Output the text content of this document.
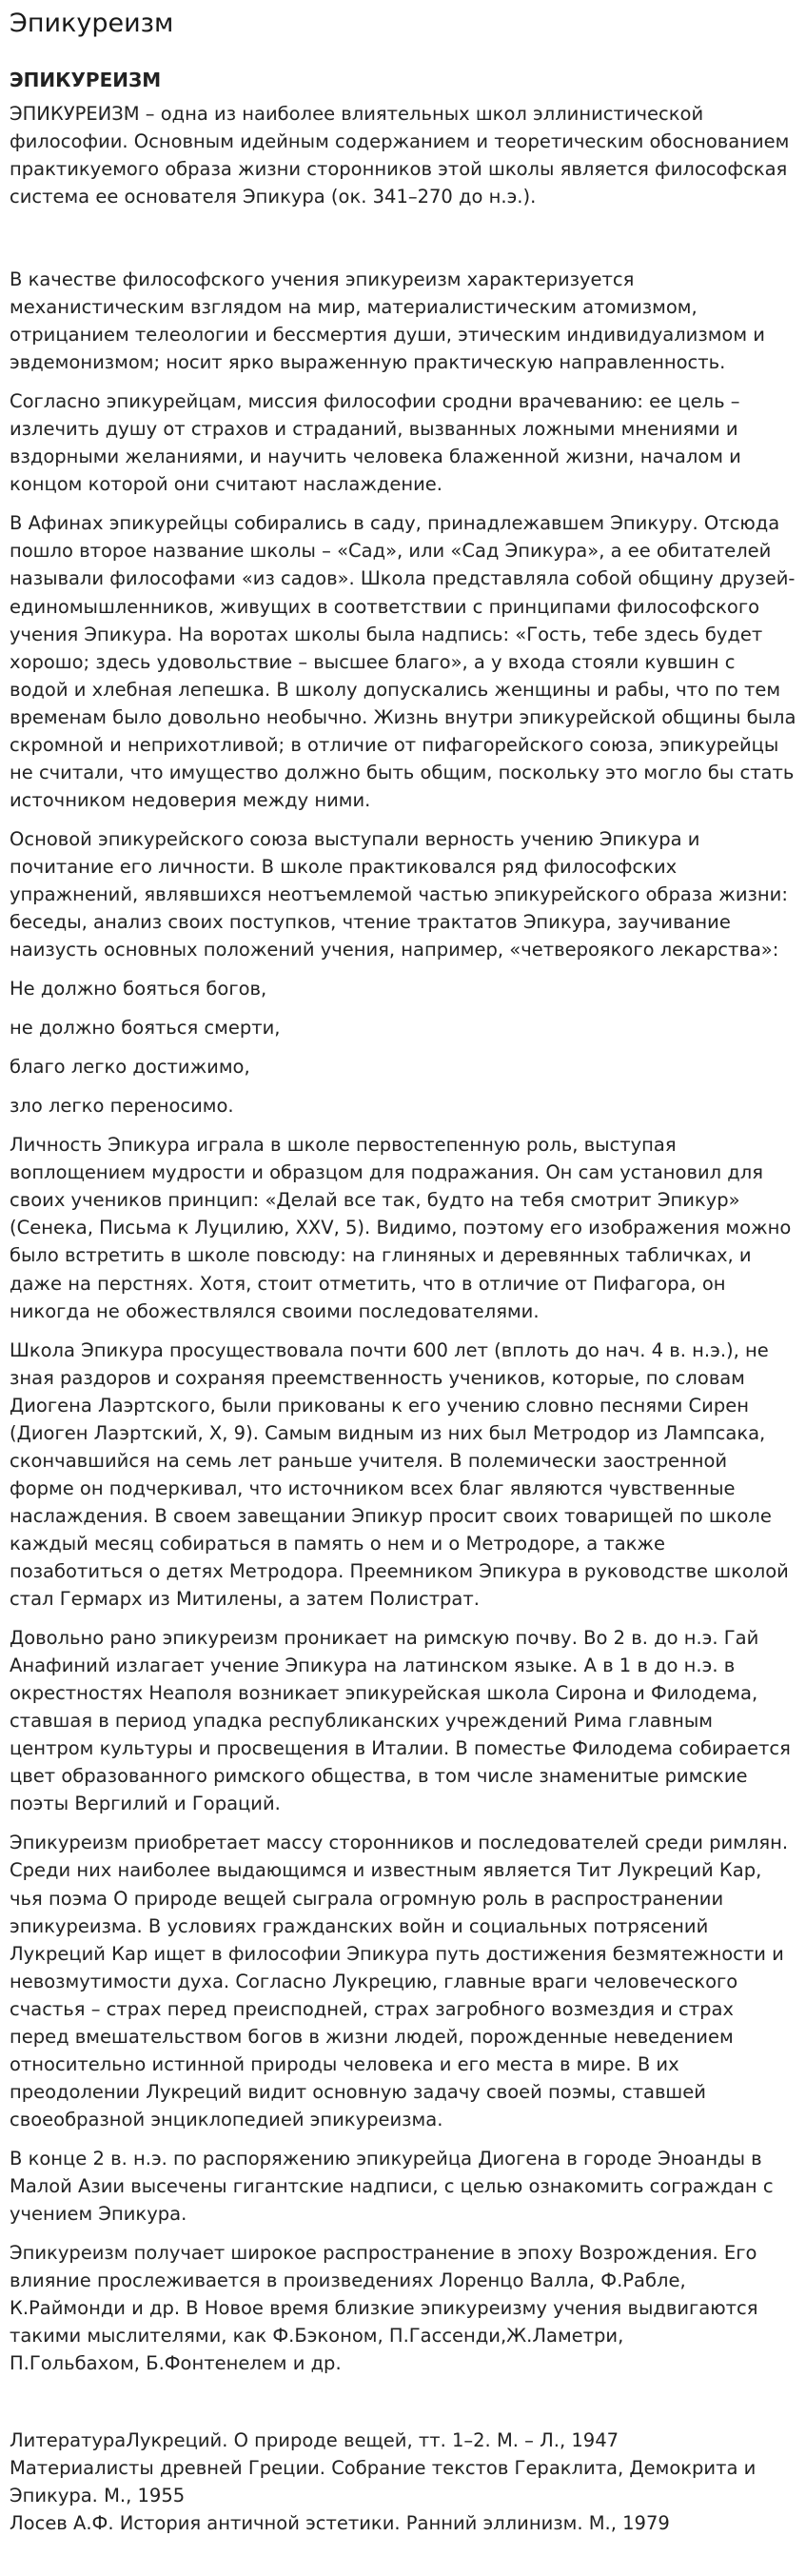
Эпикуреизм
ЭПИКУРЕИЗМ

ЭПИКУРЕИЗМ – одна из наиболее влиятельных школ эллинистической философии. Основным идейным содержанием и теоретическим обоснованием практикуемого образа жизни сторонников этой школы является философская система ее основателя Эпикура (ок. 341–270 до н.э.).

В качестве философского учения эпикуреизм характеризуется механистическим взглядом на мир, материалистическим атомизмом, отрицанием телеологии и бессмертия души, этическим индивидуализмом и эвдемонизмом; носит ярко выраженную практическую направленность.

Согласно эпикурейцам, миссия философии сродни врачеванию: ее цель – излечить душу от страхов и страданий, вызванных ложными мнениями и вздорными желаниями, и научить человека блаженной жизни, началом и концом которой они считают наслаждение.

В Афинах эпикурейцы собирались в саду, принадлежавшем Эпикуру. Отсюда пошло второе название школы – «Сад», или «Сад Эпикура», а ее обитателей называли философами «из садов». Школа представляла собой общину друзей-единомышленников, живущих в соответствии с принципами философского учения Эпикура. На воротах школы была надпись: «Гость, тебе здесь будет хорошо; здесь удовольствие – высшее благо», а у входа стояли кувшин с водой и хлебная лепешка. В школу допускались женщины и рабы, что по тем временам было довольно необычно. Жизнь внутри эпикурейской общины была скромной и неприхотливой; в отличие от пифагорейского союза, эпикурейцы не считали, что имущество должно быть общим, поскольку это могло бы стать источником недоверия между ними.

Основой эпикурейского союза выступали верность учению Эпикура и почитание его личности. В школе практиковался ряд философских упражнений, являвшихся неотъемлемой частью эпикурейского образа жизни: беседы, анализ своих поступков, чтение трактатов Эпикура, заучивание наизусть основных положений учения, например, «четвероякого лекарства»:

Не должно бояться богов,

не должно бояться смерти,

благо легко достижимо,

зло легко переносимо.

Личность Эпикура играла в школе первостепенную роль, выступая воплощением мудрости и образцом для подражания. Он сам установил для своих учеников принцип: «Делай все так, будто на тебя смотрит Эпикур» (Сенека, Письма к Луцилию, XXV, 5). Видимо, поэтому его изображения можно было встретить в школе повсюду: на глиняных и деревянных табличках, и даже на перстнях. Хотя, стоит отметить, что в отличие от Пифагора, он никогда не обожествлялся своими последователями.

Школа Эпикура просуществовала почти 600 лет (вплоть до нач. 4 в. н.э.), не зная раздоров и сохраняя преемственность учеников, которые, по словам Диогена Лаэртского, были прикованы к его учению словно песнями Сирен (Диоген Лаэртский, X, 9). Самым видным из них был Метродор из Лампсака, скончавшийся на семь лет раньше учителя. В полемически заостренной форме он подчеркивал, что источником всех благ являются чувственные наслаждения. В своем завещании Эпикур просит своих товарищей по школе каждый месяц собираться в память о нем и о Метродоре, а также позаботиться о детях Метродора. Преемником Эпикура в руководстве школой стал Гермарх из Митилены, а затем Полистрат.

Довольно рано эпикуреизм проникает на римскую почву. Во 2 в. до н.э. Гай Анафиний излагает учение Эпикура на латинском языке. А в 1 в до н.э. в окрестностях Неаполя возникает эпикурейская школа Сирона и Филодема, ставшая в период упадка республиканских учреждений Рима главным центром культуры и просвещения в Италии. В поместье Филодема собирается цвет образованного римского общества, в том числе знаменитые римские поэты Вергилий и Гораций.

Эпикуреизм приобретает массу сторонников и последователей среди римлян. Среди них наиболее выдающимся и известным является Тит Лукреций Кар, чья поэма О природе вещей сыграла огромную роль в распространении эпикуреизма. В условиях гражданских войн и социальных потрясений Лукреций Кар ищет в философии Эпикура путь достижения безмятежности и невозмутимости духа. Согласно Лукрецию, главные враги человеческого счастья – страх перед преисподней, страх загробного возмездия и страх перед вмешательством богов в жизни людей, порожденные неведением относительно истинной природы человека и его места в мире. В их преодолении Лукреций видит основную задачу своей поэмы, ставшей своеобразной энциклопедией эпикуреизма.

В конце 2 в. н.э. по распоряжению эпикурейца Диогена в городе Эноанды в Малой Азии высечены гигантские надписи, с целью ознакомить сограждан с учением Эпикура.

Эпикуреизм получает широкое распространение в эпоху Возрождения. Его влияние прослеживается в произведениях Лоренцо Валла, Ф.Рабле, К.Раймонди и др. В Новое время близкие эпикуреизму учения выдвигаются такими мыслителями, как Ф.Бэконом, П.Гассенди,Ж.Ламетри,

П.Гольбахом, Б.Фонтенелем и др.

ЛитератураЛукреций. О природе вещей, тт. 1–2. М. – Л., 1947
Материалисты древней Греции. Собрание текстов Гераклита, Демокрита и Эпикура. М., 1955
Лосев А.Ф. История античной эстетики. Ранний эллинизм. М., 1979
